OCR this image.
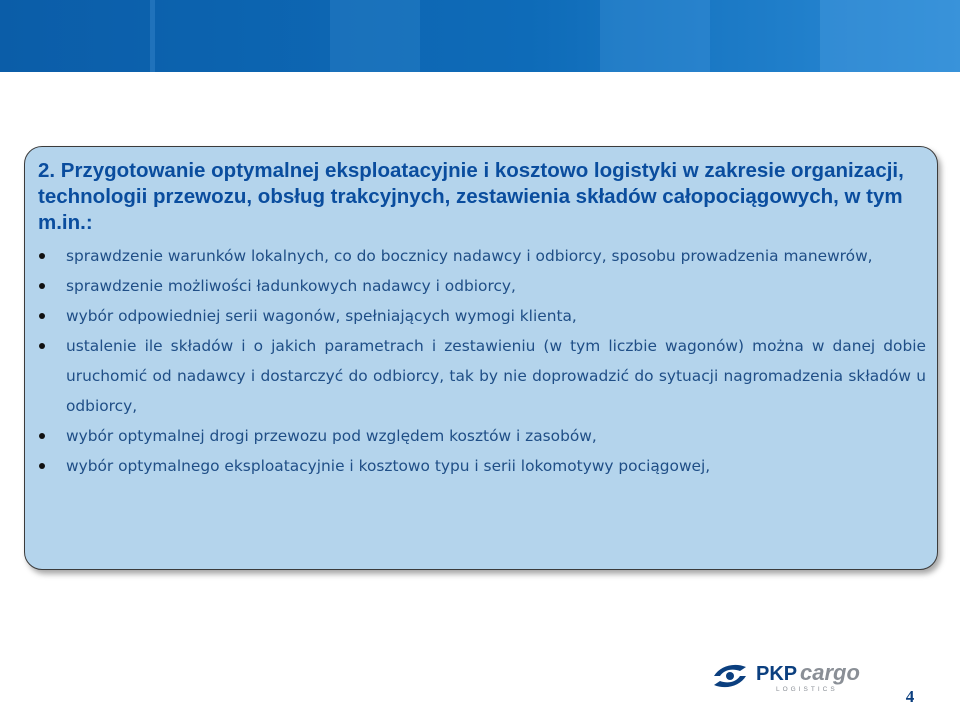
2. Przygotowanie optymalnej eksploatacyjnie i kosztowo logistyki w zakresie organizacji, technologii przewozu, obsług trakcyjnych, zestawienia składów całopociągowych, w tym m.in.:
sprawdzenie warunków lokalnych, co do bocznicy nadawcy i odbiorcy, sposobu prowadzenia manewrów,
sprawdzenie możliwości ładunkowych nadawcy i odbiorcy,
wybór odpowiedniej serii wagonów, spełniających wymogi klienta,
ustalenie ile składów i o jakich parametrach i zestawieniu (w tym liczbie wagonów) można w danej dobie uruchomić od nadawcy i dostarczyć do odbiorcy, tak by nie doprowadzić do sytuacji nagromadzenia składów u odbiorcy,
wybór optymalnej drogi przewozu pod względem kosztów i zasobów,
wybór optymalnego eksploatacyjnie i kosztowo typu i serii lokomotywy pociągowej,
PKP cargo
LOGISTICS	4
